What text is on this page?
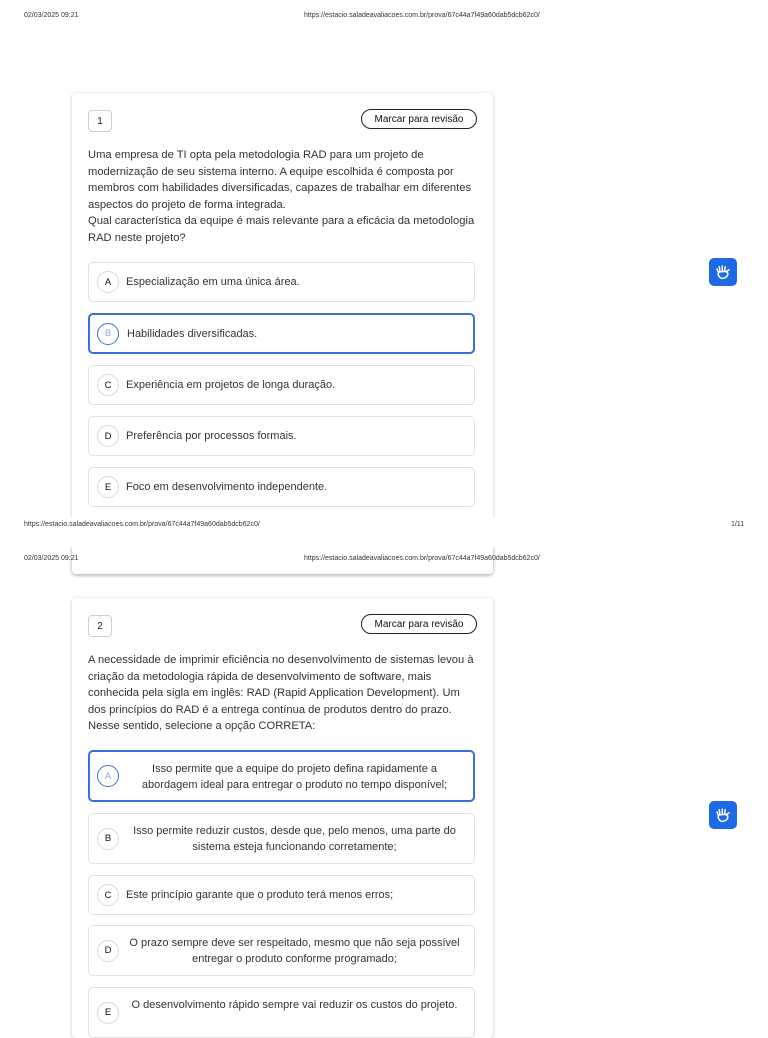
02/03/2025 09:21	https://estacio.saladeavaliacoes.com.br/prova/67c44a7f49a60dab5dcb62c0/
1	Marcar para revisão
Uma empresa de TI opta pela metodologia RAD para um projeto de modernização de seu sistema interno. A equipe escolhida é composta por membros com habilidades diversificadas, capazes de trabalhar em diferentes aspectos do projeto de forma integrada.
Qual característica da equipe é mais relevante para a eficácia da metodologia RAD neste projeto?
A	Especialização em uma única área.
B	Habilidades diversificadas.
C	Experiência em projetos de longa duração.
D	Preferência por processos formais.
E	Foco em desenvolvimento independente.
https://estacio.saladeavaliacoes.com.br/prova/67c44a7f49a60dab5dcb62c0/	1/11
02/03/2025 09:21	https://estacio.saladeavaliacoes.com.br/prova/67c44a7f49a60dab5dcb62c0/
2	Marcar para revisão
A necessidade de imprimir eficiência no desenvolvimento de sistemas levou à criação da metodologia rápida de desenvolvimento de software, mais conhecida pela sigla em inglês: RAD (Rapid Application Development). Um dos princípios do RAD é a entrega contínua de produtos dentro do prazo. Nesse sentido, selecione a opção CORRETA:
A
Isso permite que a equipe do projeto defina rapidamente a abordagem ideal para entregar o produto no tempo disponível;
B
Isso permite reduzir custos, desde que, pelo menos, uma parte do sistema esteja funcionando corretamente;
C	Este princípio garante que o produto terá menos erros;
D
O prazo sempre deve ser respeitado, mesmo que não seja possível entregar o produto conforme programado;
E
O desenvolvimento rápido sempre vai reduzir os custos do projeto.
